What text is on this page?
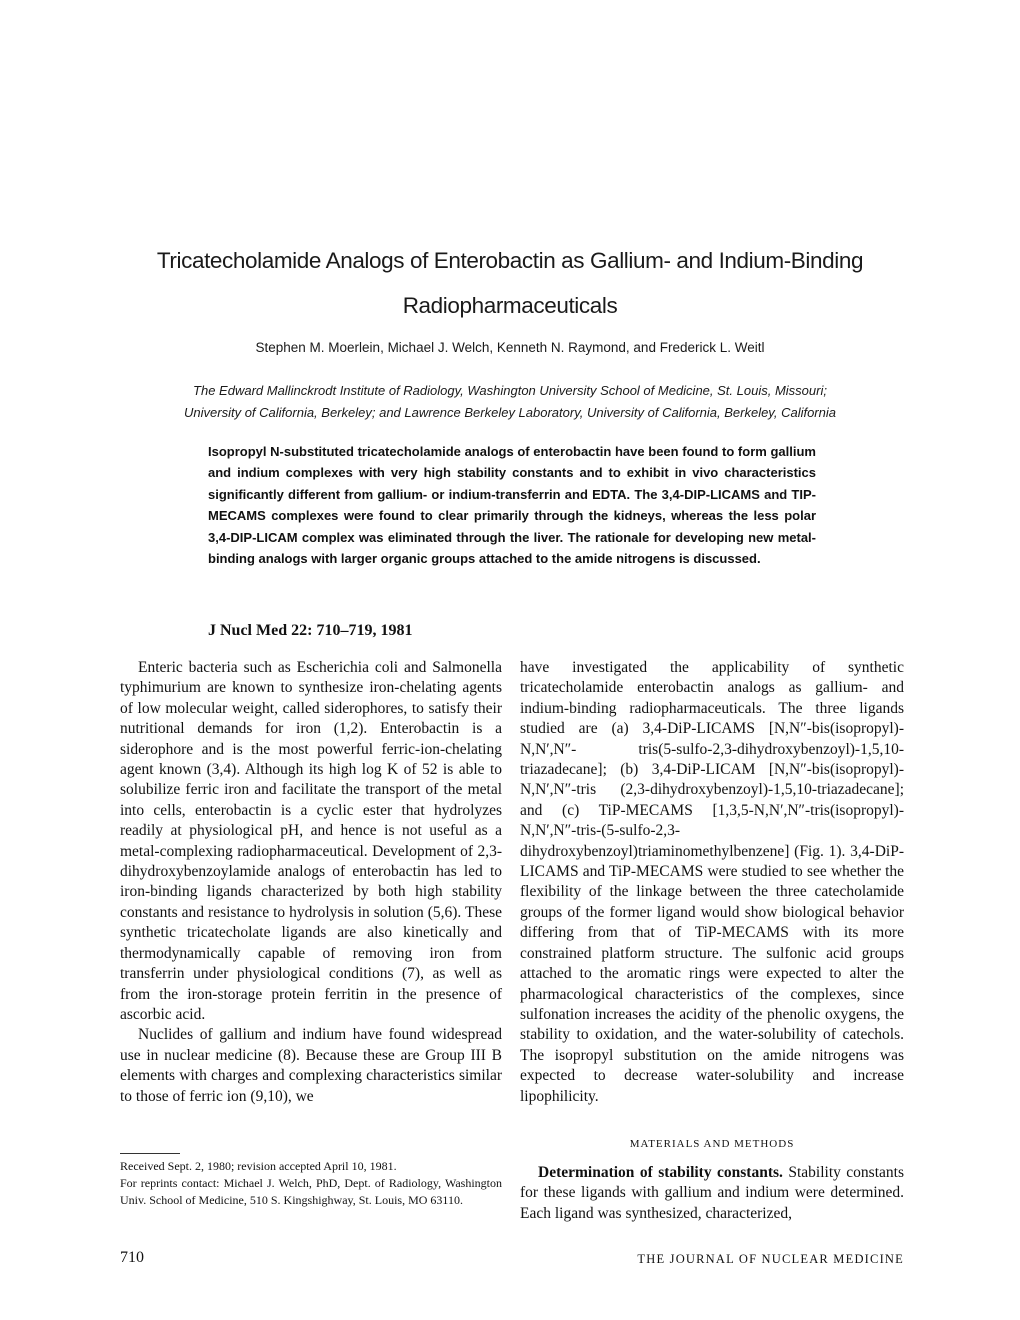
Tricatecholamide Analogs of Enterobactin as Gallium- and Indium-Binding
Radiopharmaceuticals
Stephen M. Moerlein, Michael J. Welch, Kenneth N. Raymond, and Frederick L. Weitl
The Edward Mallinckrodt Institute of Radiology, Washington University School of Medicine, St. Louis, Missouri;
University of California, Berkeley; and Lawrence Berkeley Laboratory, University of California, Berkeley, California
Isopropyl N-substituted tricatecholamide analogs of enterobactin have been found to form gallium and indium complexes with very high stability constants and to exhibit in vivo characteristics significantly different from gallium- or indium-transferrin and EDTA. The 3,4-DIP-LICAMS and TIP-MECAMS complexes were found to clear primarily through the kidneys, whereas the less polar 3,4-DIP-LICAM complex was eliminated through the liver. The rationale for developing new metal-binding analogs with larger organic groups attached to the amide nitrogens is discussed.
J Nucl Med 22: 710–719, 1981

Enteric bacteria such as Escherichia coli and Salmonella typhimurium are known to synthesize iron-chelating agents of low molecular weight, called siderophores, to satisfy their nutritional demands for iron (1,2). Enterobactin is a siderophore and is the most powerful ferric-ion-chelating agent known (3,4). Although its high log K of 52 is able to solubilize ferric iron and facilitate the transport of the metal into cells, enterobactin is a cyclic ester that hydrolyzes readily at physiological pH, and hence is not useful as a metal-complexing radiopharmaceutical. Development of 2,3-dihydroxybenzoylamide analogs of enterobactin has led to iron-binding ligands characterized by both high stability constants and resistance to hydrolysis in solution (5,6). These synthetic tricatecholate ligands are also kinetically and thermodynamically capable of removing iron from transferrin under physiological conditions (7), as well as from the iron-storage protein ferritin in the presence of ascorbic acid.

Nuclides of gallium and indium have found widespread use in nuclear medicine (8). Because these are Group III B elements with charges and complexing characteristics similar to those of ferric ion (9,10), we

have investigated the applicability of synthetic tricatecholamide enterobactin analogs as gallium- and indium-binding radiopharmaceuticals. The three ligands studied are (a) 3,4-DiP-LICAMS [N,N″-bis(isopropyl)-N,N′,N″- tris(5-sulfo-2,3-dihydroxybenzoyl)-1,5,10-triazadecane]; (b) 3,4-DiP-LICAM [N,N″-bis(isopropyl)-N,N′,N″-tris (2,3-dihydroxybenzoyl)-1,5,10-triazadecane]; and (c) TiP-MECAMS [1,3,5-N,N′,N″-tris(isopropyl)-N,N′,N″-tris-(5-sulfo-2,3-dihydroxybenzoyl)triaminomethylbenzene] (Fig. 1). 3,4-DiP-LICAMS and TiP-MECAMS were studied to see whether the flexibility of the linkage between the three catecholamide groups of the former ligand would show biological behavior differing from that of TiP-MECAMS with its more constrained platform structure. The sulfonic acid groups attached to the aromatic rings were expected to alter the pharmacological characteristics of the complexes, since sulfonation increases the acidity of the phenolic oxygens, the stability to oxidation, and the water-solubility of catechols. The isopropyl substitution on the amide nitrogens was expected to decrease water-solubility and increase lipophilicity.

MATERIALS AND METHODS

Determination of stability constants. Stability constants for these ligands with gallium and indium were determined. Each ligand was synthesized, characterized,

Received Sept. 2, 1980; revision accepted April 10, 1981.

For reprints contact: Michael J. Welch, PhD, Dept. of Radiology, Washington Univ. School of Medicine, 510 S. Kingshighway, St. Louis, MO 63110.

710	THE JOURNAL OF NUCLEAR MEDICINE
